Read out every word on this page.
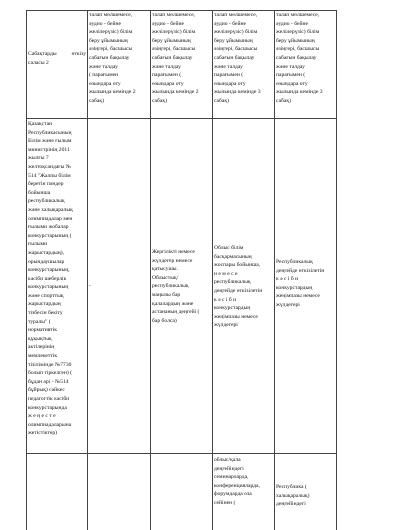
Сабақтарды өткізу саласы 2
талап мөлшемесе,
әудио - бейне
желілерүзіс) білім
беру ұйымының
әзіңгері, басшысы
сабағын бақылау
және талдау
( парағымен
өзындара оту
жылында кемінде 2
сабақ)
талап мөлшемесе,
әудио - бейне
желілерүзіс) білім
беру ұйымының
әзіңгері, басшысы
сабағын бақылау
және талдау
парағымен (
өзындара оту
жылында кемінде 2
сабақ)
талап мөлшемесе,
әудио - бейне
желілерүзіс) білім
беру ұйымының
әзіңгері, басшысы
сабағын бақылау
және талдау
парағымен (
өзындара оту
жылында кемінде 3
сабақ)
талап мөлшемесе,
әудио - бейне
желілерүзіс) білім
беру ұйымының
әзіңгері, басшысы
сабағын бақылау
және талдау
парағымен (
өзындара оту
жылында кемінде 3
сабақ)
Қазақстан
Республикасының
Білім және ғылым
министрінің 2011
жылғы 7
желтоқсандағы №
514 "Жалпы білім
беретін пәндер
бойынша
республикалық
және халықаралық
олимпиадалар мен
ғылыми жобалар
конкурстарының (
ғылыми
жарыстардың),
орындаушылар
конкурстарының,
кәсіби шеберлік
конкурстарының
және спорттық
жарыстардың
тізбесін бекіту
туралы" (
нормативтік
құқықтық
актілерінің
мемлекеттік
тізілімінде №7730
болып тіркелген) (
бұдан әрі - №514
бұйрық) сәйкес
педагогтік кәсіби
конкурстарында
ж е ң е с т е
олимпиадаларына
жетістіктер)
-
Жергілікті немесе
жүлдегер немесе
қатысушы.
Облыстық/
республикалық
маңызы бар
қалалардың және
астананың деңгейі (
бар болса)
Облыс білім
басқармасының
жоспары бойынша,
н е м е с е
республикалық
деңгейде өткізілетін
к ә с і б и
конкурстардың
жеңімпазы немесе
жүлдегері
Республикалық
деңгейде өткізілетін
к ә с і б и
конкурстардың
жеңімпазы немесе
жүлдегері
облыс/қала
деңгейіндегі
семинарларда,
конференцияларда,
форумдарда оза
сейінен (
Республика (
халықаралық)
деңгейіндегі
